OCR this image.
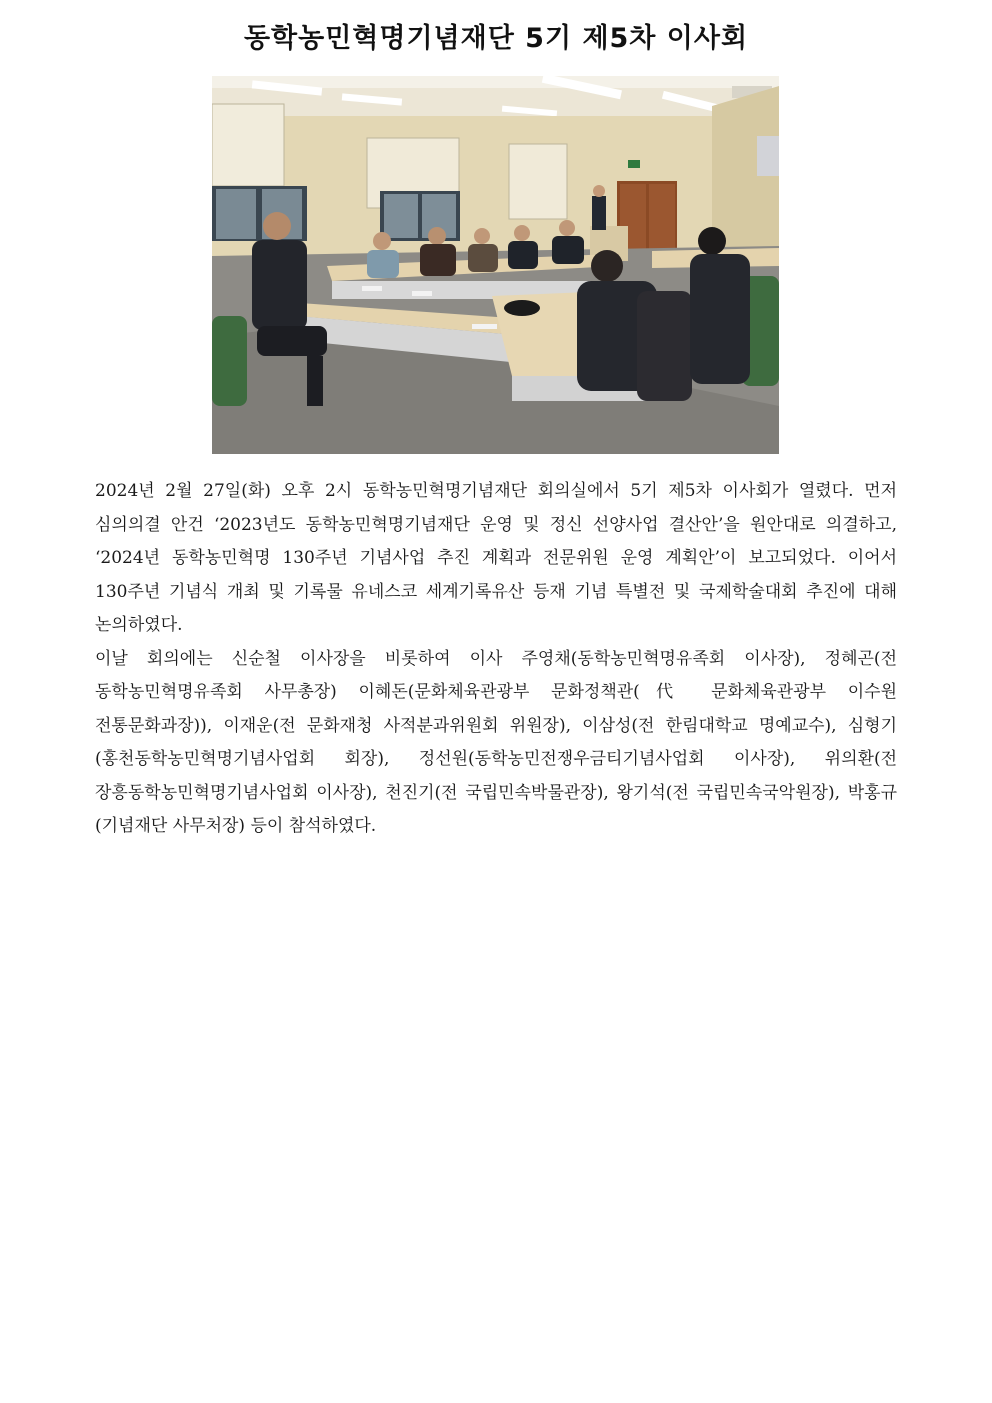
동학농민혁명기념재단 5기 제5차 이사회

2024년 2월 27일(화) 오후 2시 동학농민혁명기념재단 회의실에서 5기 제5차 이사회가 열렸다. 먼저 심의의결 안건 ‘2023년도 동학농민혁명기념재단 운영 및 정신 선양사업 결산안’을 원안대로 의결하고, ‘2024년 동학농민혁명 130주년 기념사업 추진 계획과 전문위원 운영 계획안’이 보고되었다. 이어서 130주년 기념식 개최 및 기록물 유네스코 세계기록유산 등재 기념 특별전 및 국제학술대회 추진에 대해 논의하였다.

이날 회의에는 신순철 이사장을 비롯하여 이사 주영채(동학농민혁명유족회 이사장), 정혜곤(전 동학농민혁명유족회 사무총장) 이혜돈(문화체육관광부 문화정책관(代 문화체육관광부 이수원 전통문화과장)), 이재운(전 문화재청 사적분과위원회 위원장), 이삼성(전 한림대학교 명예교수), 심형기(홍천동학농민혁명기념사업회 회장), 정선원(동학농민전쟁우금티기념사업회 이사장), 위의환(전 장흥동학농민혁명기념사업회 이사장), 천진기(전 국립민속박물관장), 왕기석(전 국립민속국악원장), 박홍규(기념재단 사무처장) 등이 참석하였다.
